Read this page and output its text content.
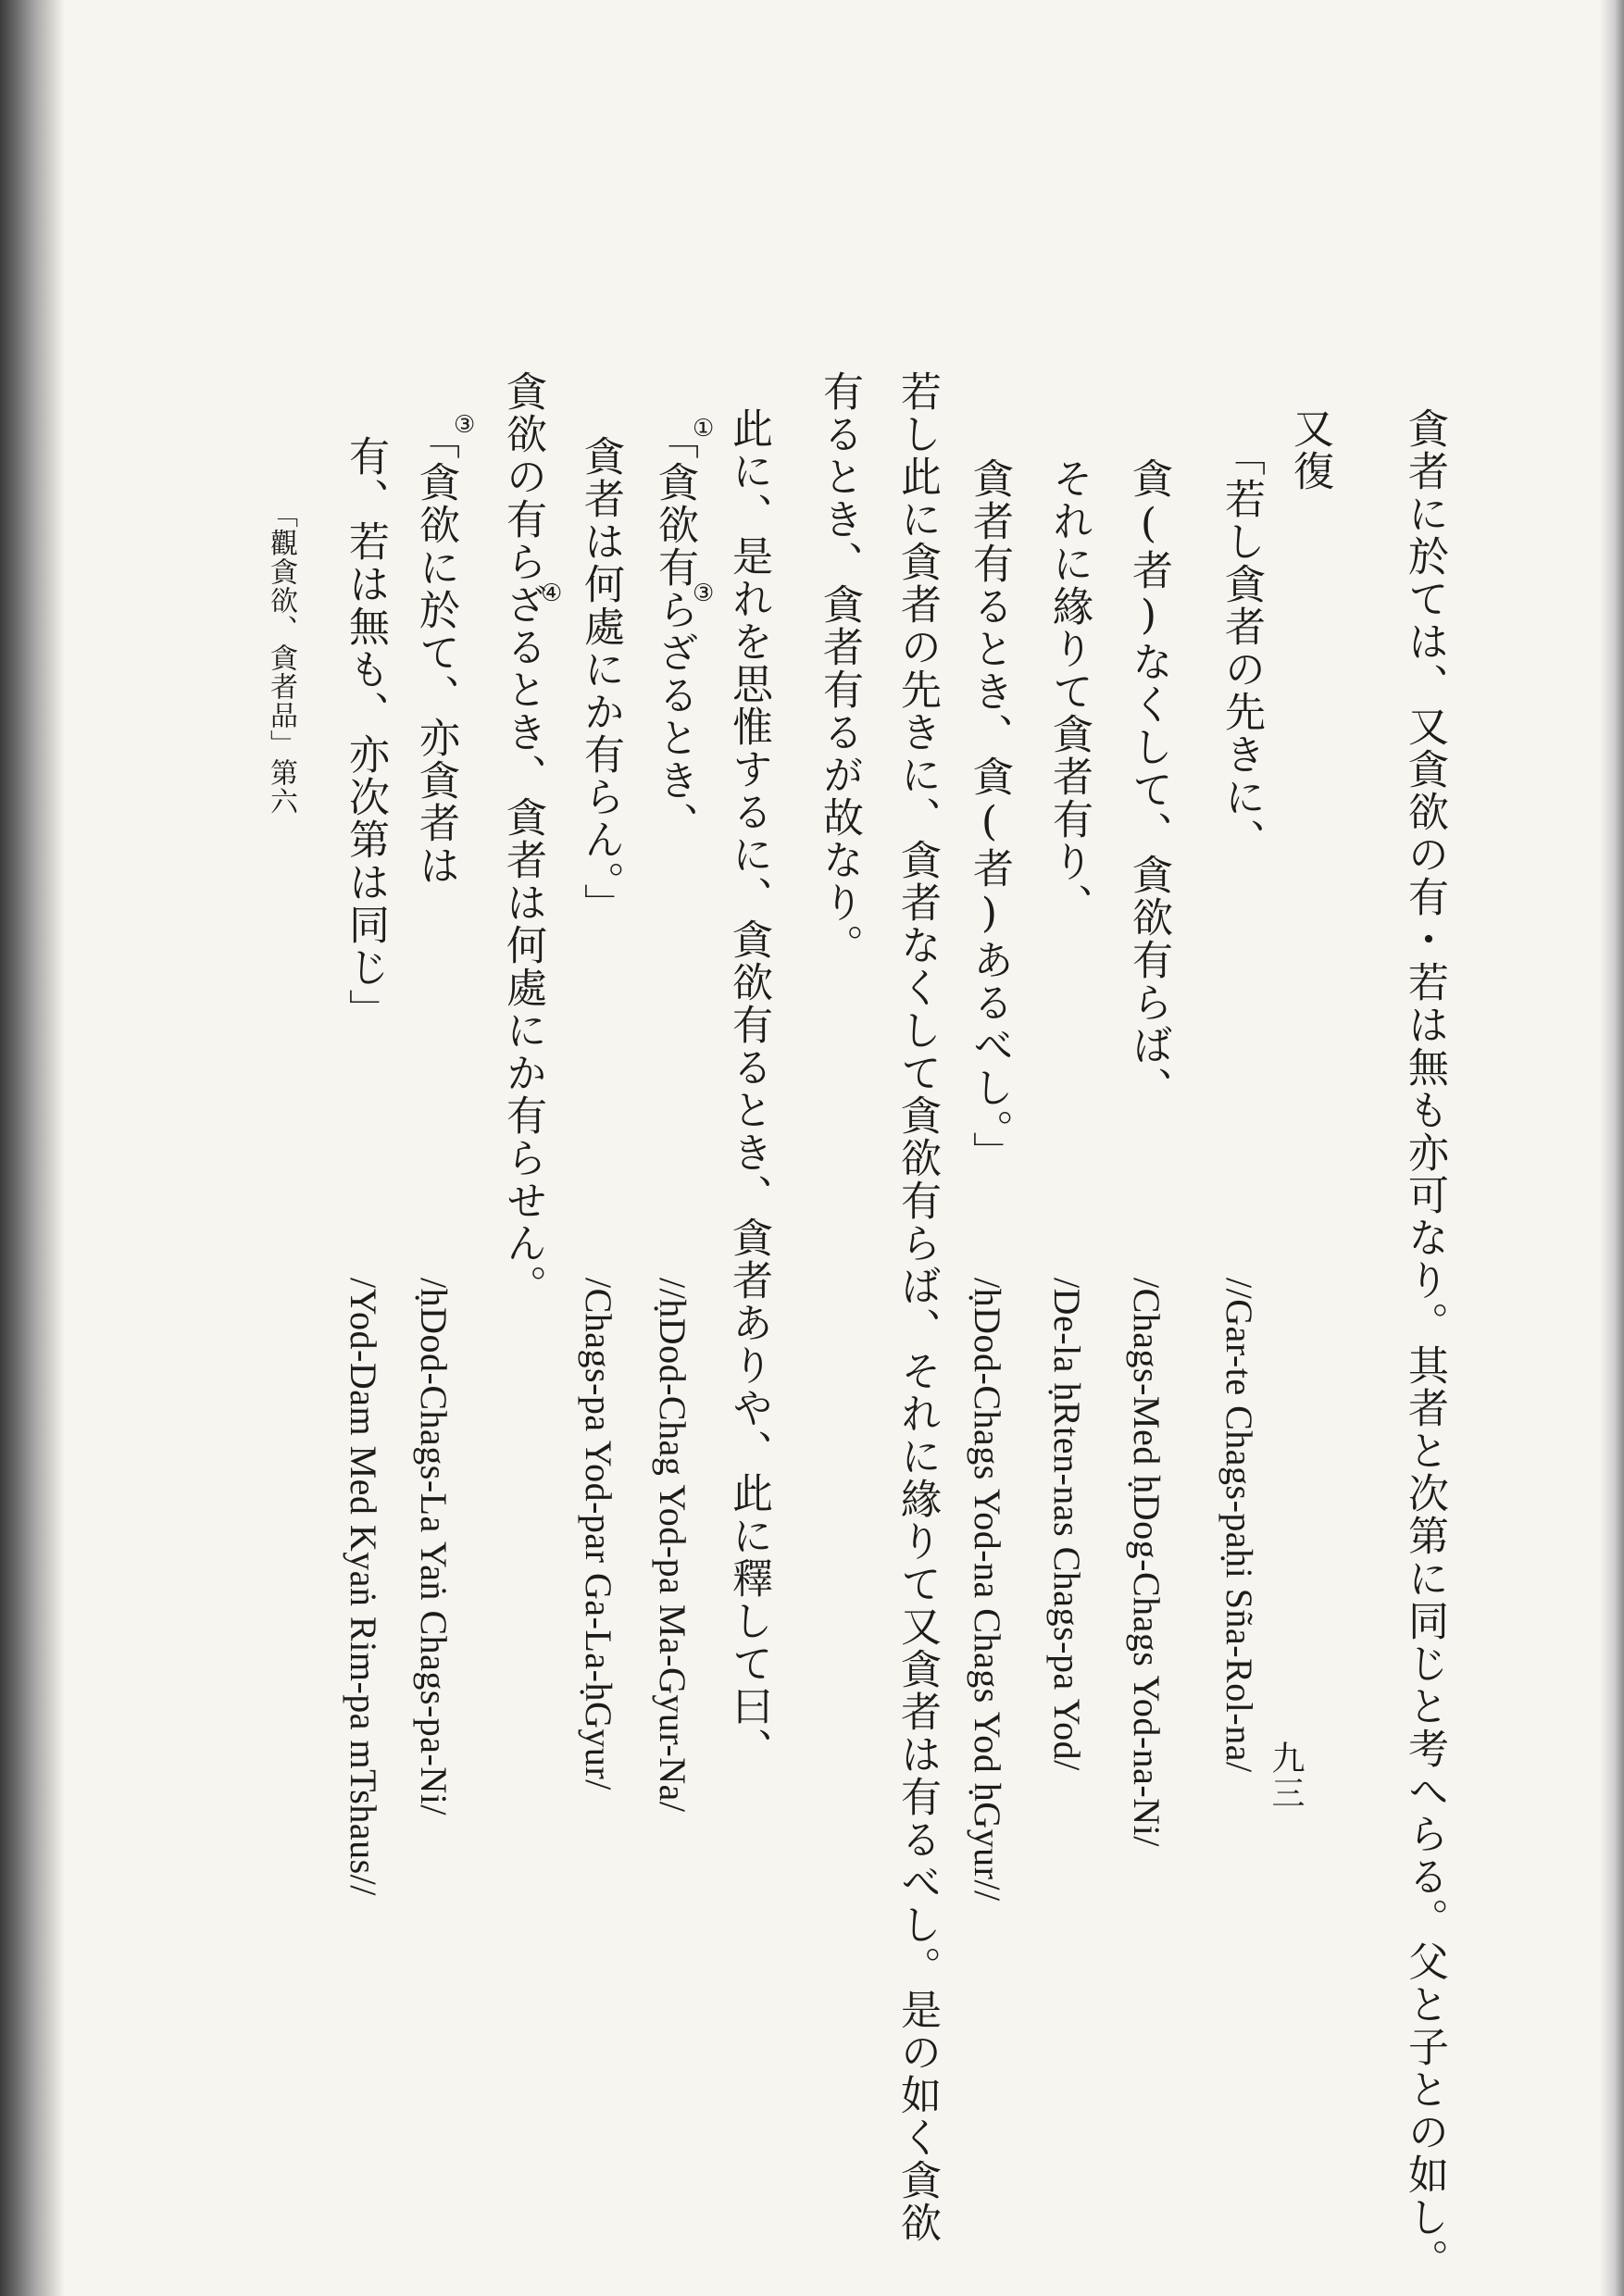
貪者に於ては、又貪欲の有・若は無も亦可なり。其者と次第に同じと考へらる。父と子との如し。
又復
「若し貪者の先きに、
貪(者)なくして、貪欲有らば、
それに緣りて貪者有り、
貪者有るとき、貪(者)あるべし。」
若し此に貪者の先きに、貪者なくして貪欲有らば、それに緣りて又貪者は有るべし。是の如く貪欲
有るとき、貪者有るが故なり。
此に、是れを思惟するに、貪欲有るとき、貪者ありや、此に釋して曰、
「貪欲有らざるとき、
貪者は何處にか有らん。」
貪欲の有らざるとき、貪者は何處にか有らせん。
「貪欲に於て、亦貪者は
有、若は無も、亦次第は同じ」
①
③
④
③
//Gar-te Chags-paḥi Sña-Rol-na/
/Chags-Med ḥDog-Chags Yod-na-Ni/
/De-la ḥRten-nas Chags-pa Yod/
/ḥDod-Chags Yod-na Chags Yod ḥGyur//
//ḥDod-Chag Yod-pa Ma-Gyur-Na/
/Chags-pa Yod-par Ga-La-ḥGyur/
/ḥDod-Chags-La Yaṅ Chags-pa-Ni/
/Yod-Dam Med Kyaṅ Rim-pa mTshaus//
「觀貪欲、貪者品」第六
九三
